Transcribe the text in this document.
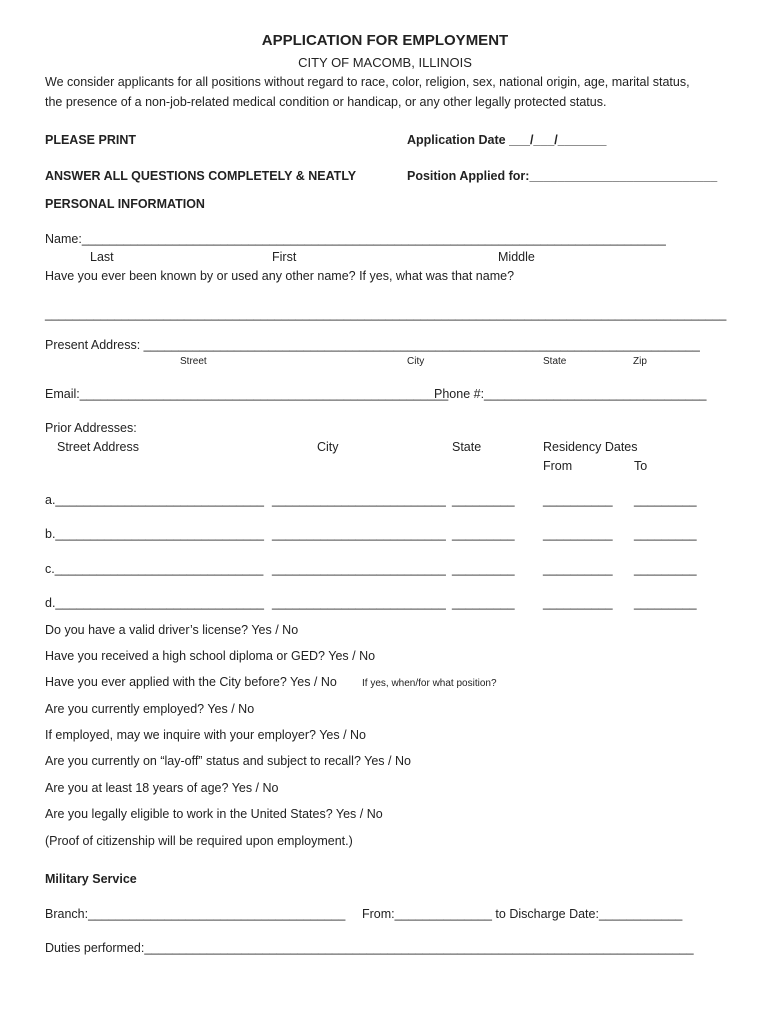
APPLICATION FOR EMPLOYMENT
CITY OF MACOMB, ILLINOIS
We consider applicants for all positions without regard to race, color, religion, sex, national origin, age, marital status,
the presence of a non-job-related medical condition or handicap, or any other legally protected status.
PLEASE PRINT	Application Date ___/___/_______
ANSWER ALL QUESTIONS COMPLETELY & NEATLY	Position Applied for:___________________________
PERSONAL INFORMATION
Name:____________________________________________________________________________________
Last	First	Middle
Have you ever been known by or used any other name? If yes, what was that name?
__________________________________________________________________________________________________
Present Address: ________________________________________________________________________________
Street	City	State	Zip
Email:_____________________________________________________
Phone #:________________________________
Prior Addresses:
Street Address	City	State	Residency Dates
From	To
a.______________________________ _________________________ _________ __________ _________
b.______________________________ _________________________ _________ __________ _________
c.______________________________ _________________________ _________ __________ _________
d.______________________________ _________________________ _________ __________ _________
Do you have a valid driver’s license? Yes / No
Have you received a high school diploma or GED? Yes / No
Have you ever applied with the City before? Yes / No	If yes, when/for what position?
Are you currently employed? Yes / No
If employed, may we inquire with your employer? Yes / No
Are you currently on “lay-off” status and subject to recall? Yes / No
Are you at least 18 years of age? Yes / No
Are you legally eligible to work in the United States? Yes / No
(Proof of citizenship will be required upon employment.)
Military Service
Branch:_____________________________________ From:______________ to Discharge Date:____________
Duties performed:_______________________________________________________________________________
